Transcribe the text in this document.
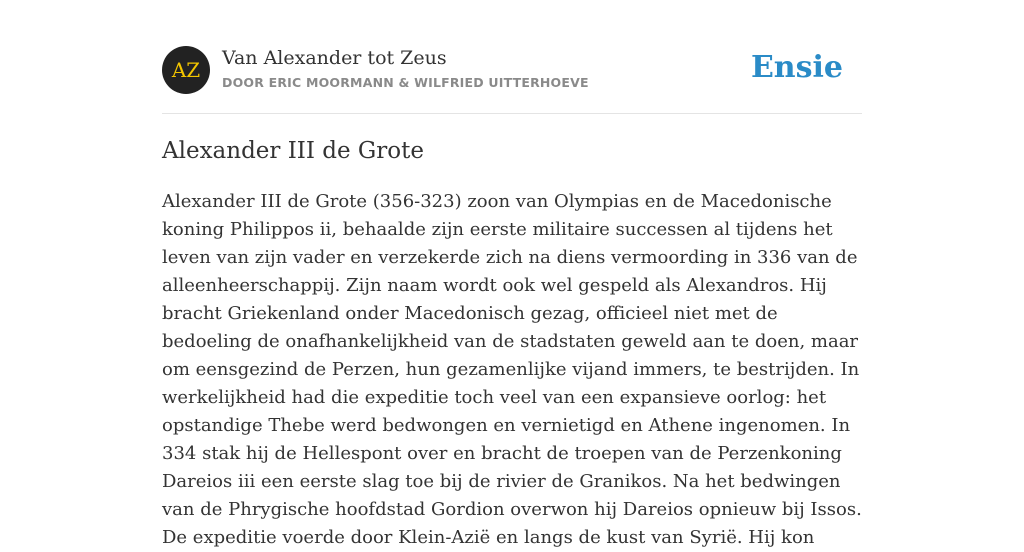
AZ	Van Alexander tot Zeus
DOOR ERIC MOORMANN & WILFRIED UITTERHOEVE	Ensie
Alexander III de Grote

Alexander III de Grote (356-323) zoon van Olympias en de Macedonische koning Philippos ii, behaalde zijn eerste militaire successen al tijdens het leven van zijn vader en verzekerde zich na diens vermoording in 336 van de alleenheerschappij. Zijn naam wordt ook wel gespeld als Alexandros. Hij bracht Griekenland onder Macedonisch gezag, officieel niet met de bedoeling de onafhankelijkheid van de stadstaten geweld aan te doen, maar om eensgezind de Perzen, hun gezamenlijke vijand immers, te bestrijden. In werkelijkheid had die expeditie toch veel van een expansieve oorlog: het opstandige Thebe werd bedwongen en vernietigd en Athene ingenomen. In 334 stak hij de Hellespont over en bracht de troepen van de Perzenkoning Dareios iii een eerste slag toe bij de rivier de Granikos. Na het bedwingen van de Phrygische hoofdstad Gordion overwon hij Dareios opnieuw bij Issos. De expeditie voerde door Klein-Azië en langs de kust van Syrië. Hij kon
